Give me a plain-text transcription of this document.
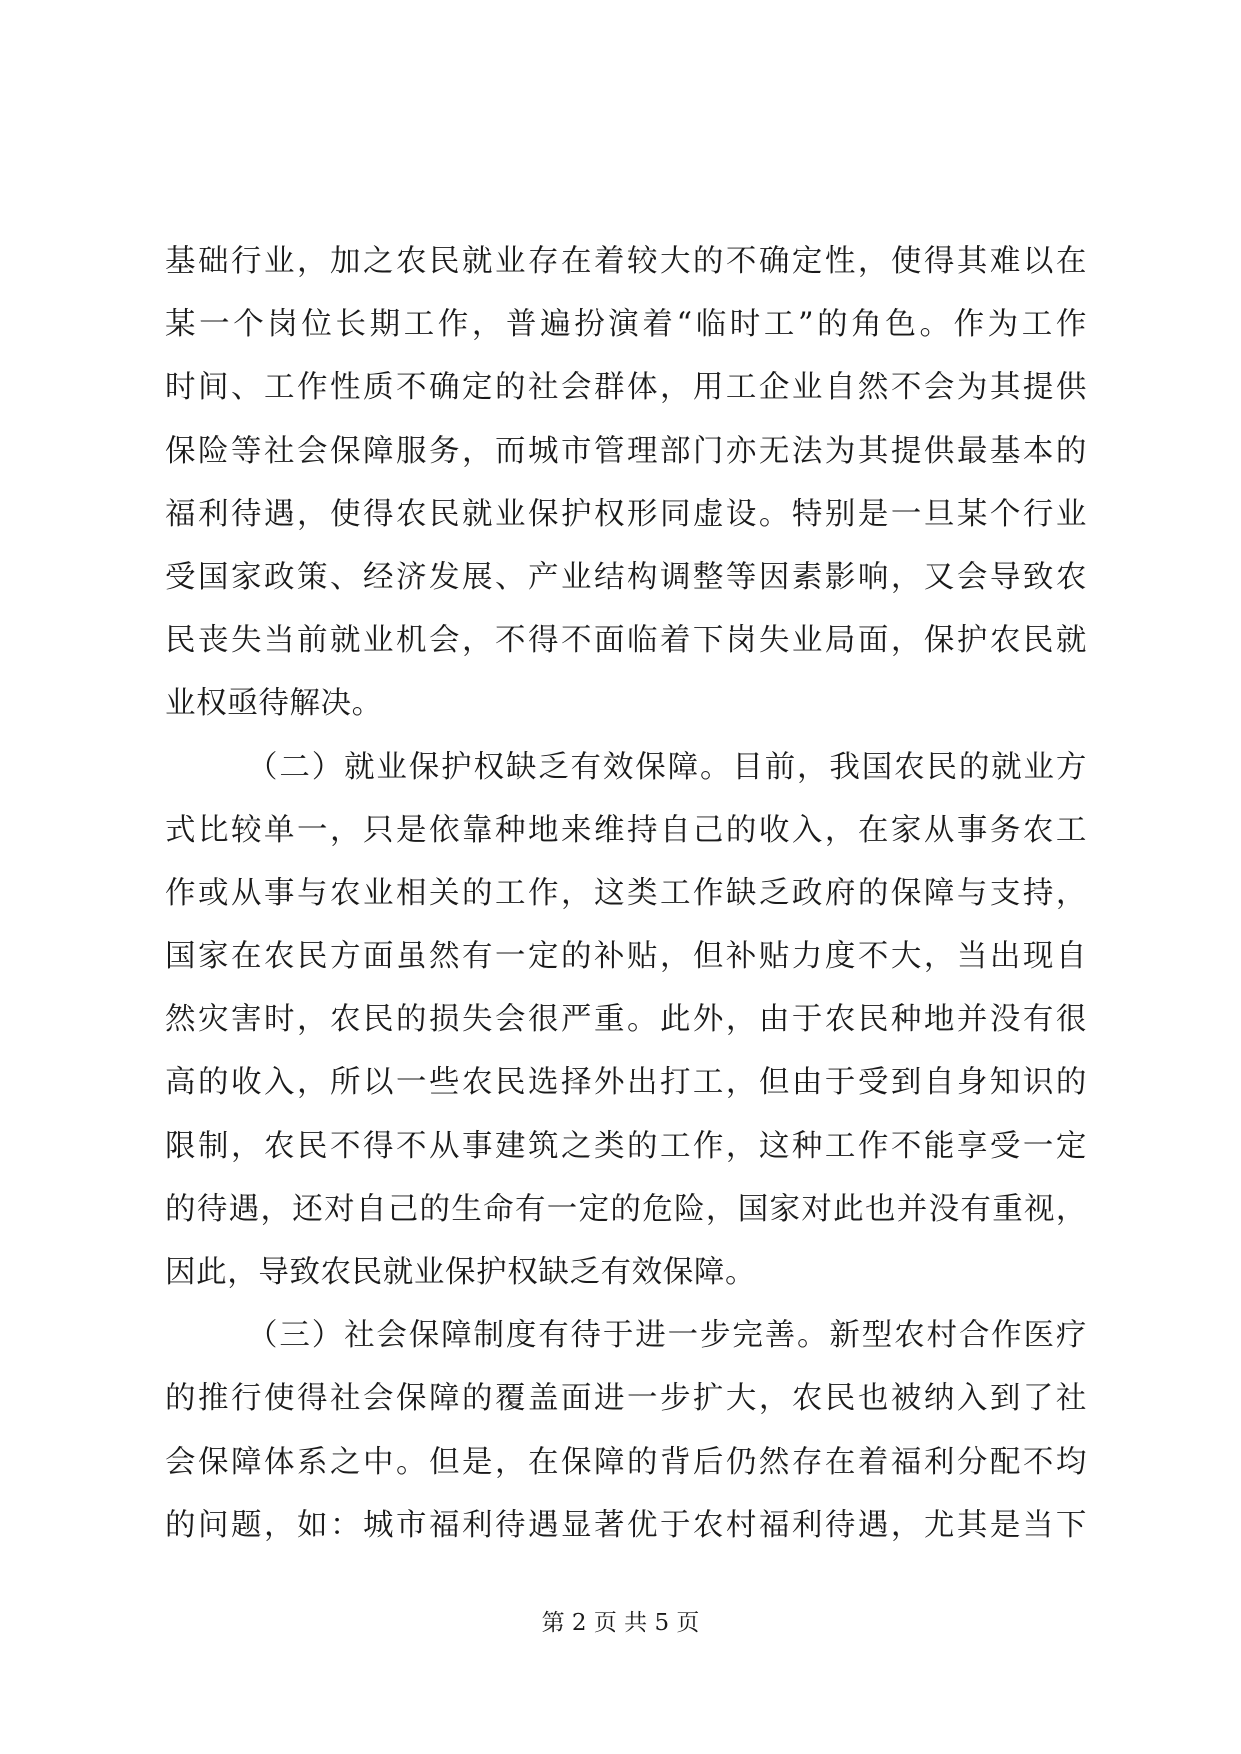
基础行业，加之农民就业存在着较大的不确定性，使得其难以在
某一个岗位长期工作，普遍扮演着“临时工”的角色。作为工作
时间、工作性质不确定的社会群体，用工企业自然不会为其提供
保险等社会保障服务，而城市管理部门亦无法为其提供最基本的
福利待遇，使得农民就业保护权形同虚设。特别是一旦某个行业
受国家政策、经济发展、产业结构调整等因素影响，又会导致农
民丧失当前就业机会，不得不面临着下岗失业局面，保护农民就
业权亟待解决。
（二）就业保护权缺乏有效保障。目前，我国农民的就业方
式比较单一，只是依靠种地来维持自己的收入，在家从事务农工
作或从事与农业相关的工作，这类工作缺乏政府的保障与支持，
国家在农民方面虽然有一定的补贴，但补贴力度不大，当出现自
然灾害时，农民的损失会很严重。此外，由于农民种地并没有很
高的收入，所以一些农民选择外出打工，但由于受到自身知识的
限制，农民不得不从事建筑之类的工作，这种工作不能享受一定
的待遇，还对自己的生命有一定的危险，国家对此也并没有重视，
因此，导致农民就业保护权缺乏有效保障。
（三）社会保障制度有待于进一步完善。新型农村合作医疗
的推行使得社会保障的覆盖面进一步扩大，农民也被纳入到了社
会保障体系之中。但是，在保障的背后仍然存在着福利分配不均
的问题，如：城市福利待遇显著优于农村福利待遇，尤其是当下
第 2 页 共 5 页
